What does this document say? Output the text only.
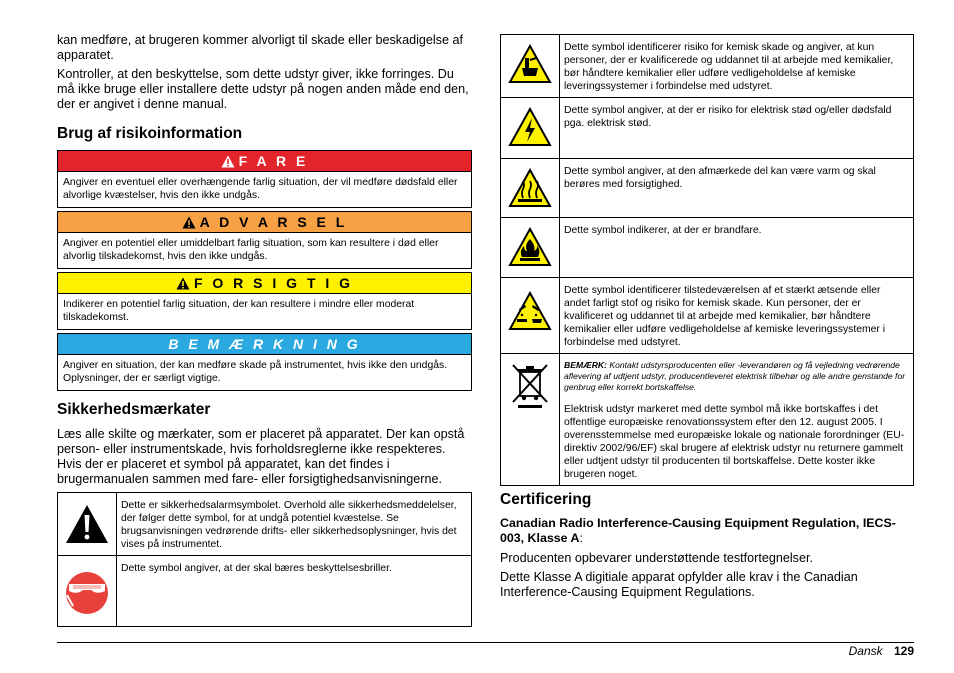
kan medføre, at brugeren kommer alvorligt til skade eller beskadigelse af apparatet.

Kontroller, at den beskyttelse, som dette udstyr giver, ikke forringes. Du må ikke bruge eller installere dette udstyr på nogen anden måde end den, der er angivet i denne manual.

Brug af risikoinformation
F A R E
Angiver en eventuel eller overhængende farlig situation, der vil medføre dødsfald eller alvorlige kvæstelser, hvis den ikke undgås.
A D V A R S E L
Angiver en potentiel eller umiddelbart farlig situation, som kan resultere i død eller alvorlig tilskadekomst, hvis den ikke undgås.
F O R S I G T I G
Indikerer en potentiel farlig situation, der kan resultere i mindre eller moderat tilskadekomst.
B E M Æ R K N I N G
Angiver en situation, der kan medføre skade på instrumentet, hvis ikke den undgås. Oplysninger, der er særligt vigtige.
Sikkerhedsmærkater

Læs alle skilte og mærkater, som er placeret på apparatet. Der kan opstå person- eller instrumentskade, hvis forholdsreglerne ikke respekteres. Hvis der er placeret et symbol på apparatet, kan det findes i brugermanualen sammen med fare- eller forsigtighedsanvisningerne.

	Dette er sikkerhedsalarmsymbolet. Overhold alle sikkerhedsmeddelelser, der følger dette symbol, for at undgå potentiel kvæstelse. Se brugsanvisningen vedrørende drifts- eller sikkerhedsoplysninger, hvis det vises på instrumentet.

	Dette symbol angiver, at der skal bæres beskyttelsesbriller.
	Dette symbol identificerer risiko for kemisk skade og angiver, at kun personer, der er kvalificerede og uddannet til at arbejde med kemikalier, bør håndtere kemikalier eller udføre vedligeholdelse af kemiske leveringssystemer i forbindelse med udstyret.

	Dette symbol angiver, at der er risiko for elektrisk stød og/eller dødsfald pga. elektrisk stød.

	Dette symbol angiver, at den afmærkede del kan være varm og skal berøres med forsigtighed.

	Dette symbol indikerer, at der er brandfare.

	Dette symbol identificerer tilstedeværelsen af et stærkt ætsende eller andet farligt stof og risiko for kemisk skade. Kun personer, der er kvalificeret og uddannet til at arbejde med kemikalier, bør håndtere kemikalier eller udføre vedligeholdelse af kemiske leveringssystemer i forbindelse med udstyret.

BEMÆRK: Kontakt udstyrsproducenten eller -leverandøren og få vejledning vedrørende aflevering af udtjent udstyr, producentleveret elektrisk tilbehør og alle andre genstande for genbrug eller korrekt bortskaffelse.
Elektrisk udstyr markeret med dette symbol må ikke bortskaffes i det offentlige europæiske renovationssystem efter den 12. august 2005. I overensstemmelse med europæiske lokale og nationale forordninger (EU-direktiv 2002/96/EF) skal brugere af elektrisk udstyr nu returnere gammelt eller udtjent udstyr til producenten til bortskaffelse. Dette koster ikke brugeren noget.
Certificering

Canadian Radio Interference-Causing Equipment Regulation, IECS-003, Klasse A:

Producenten opbevarer understøttende testfortegnelser.

Dette Klasse A digitiale apparat opfylder alle krav i the Canadian Interference-Causing Equipment Regulations.

Dansk 129
